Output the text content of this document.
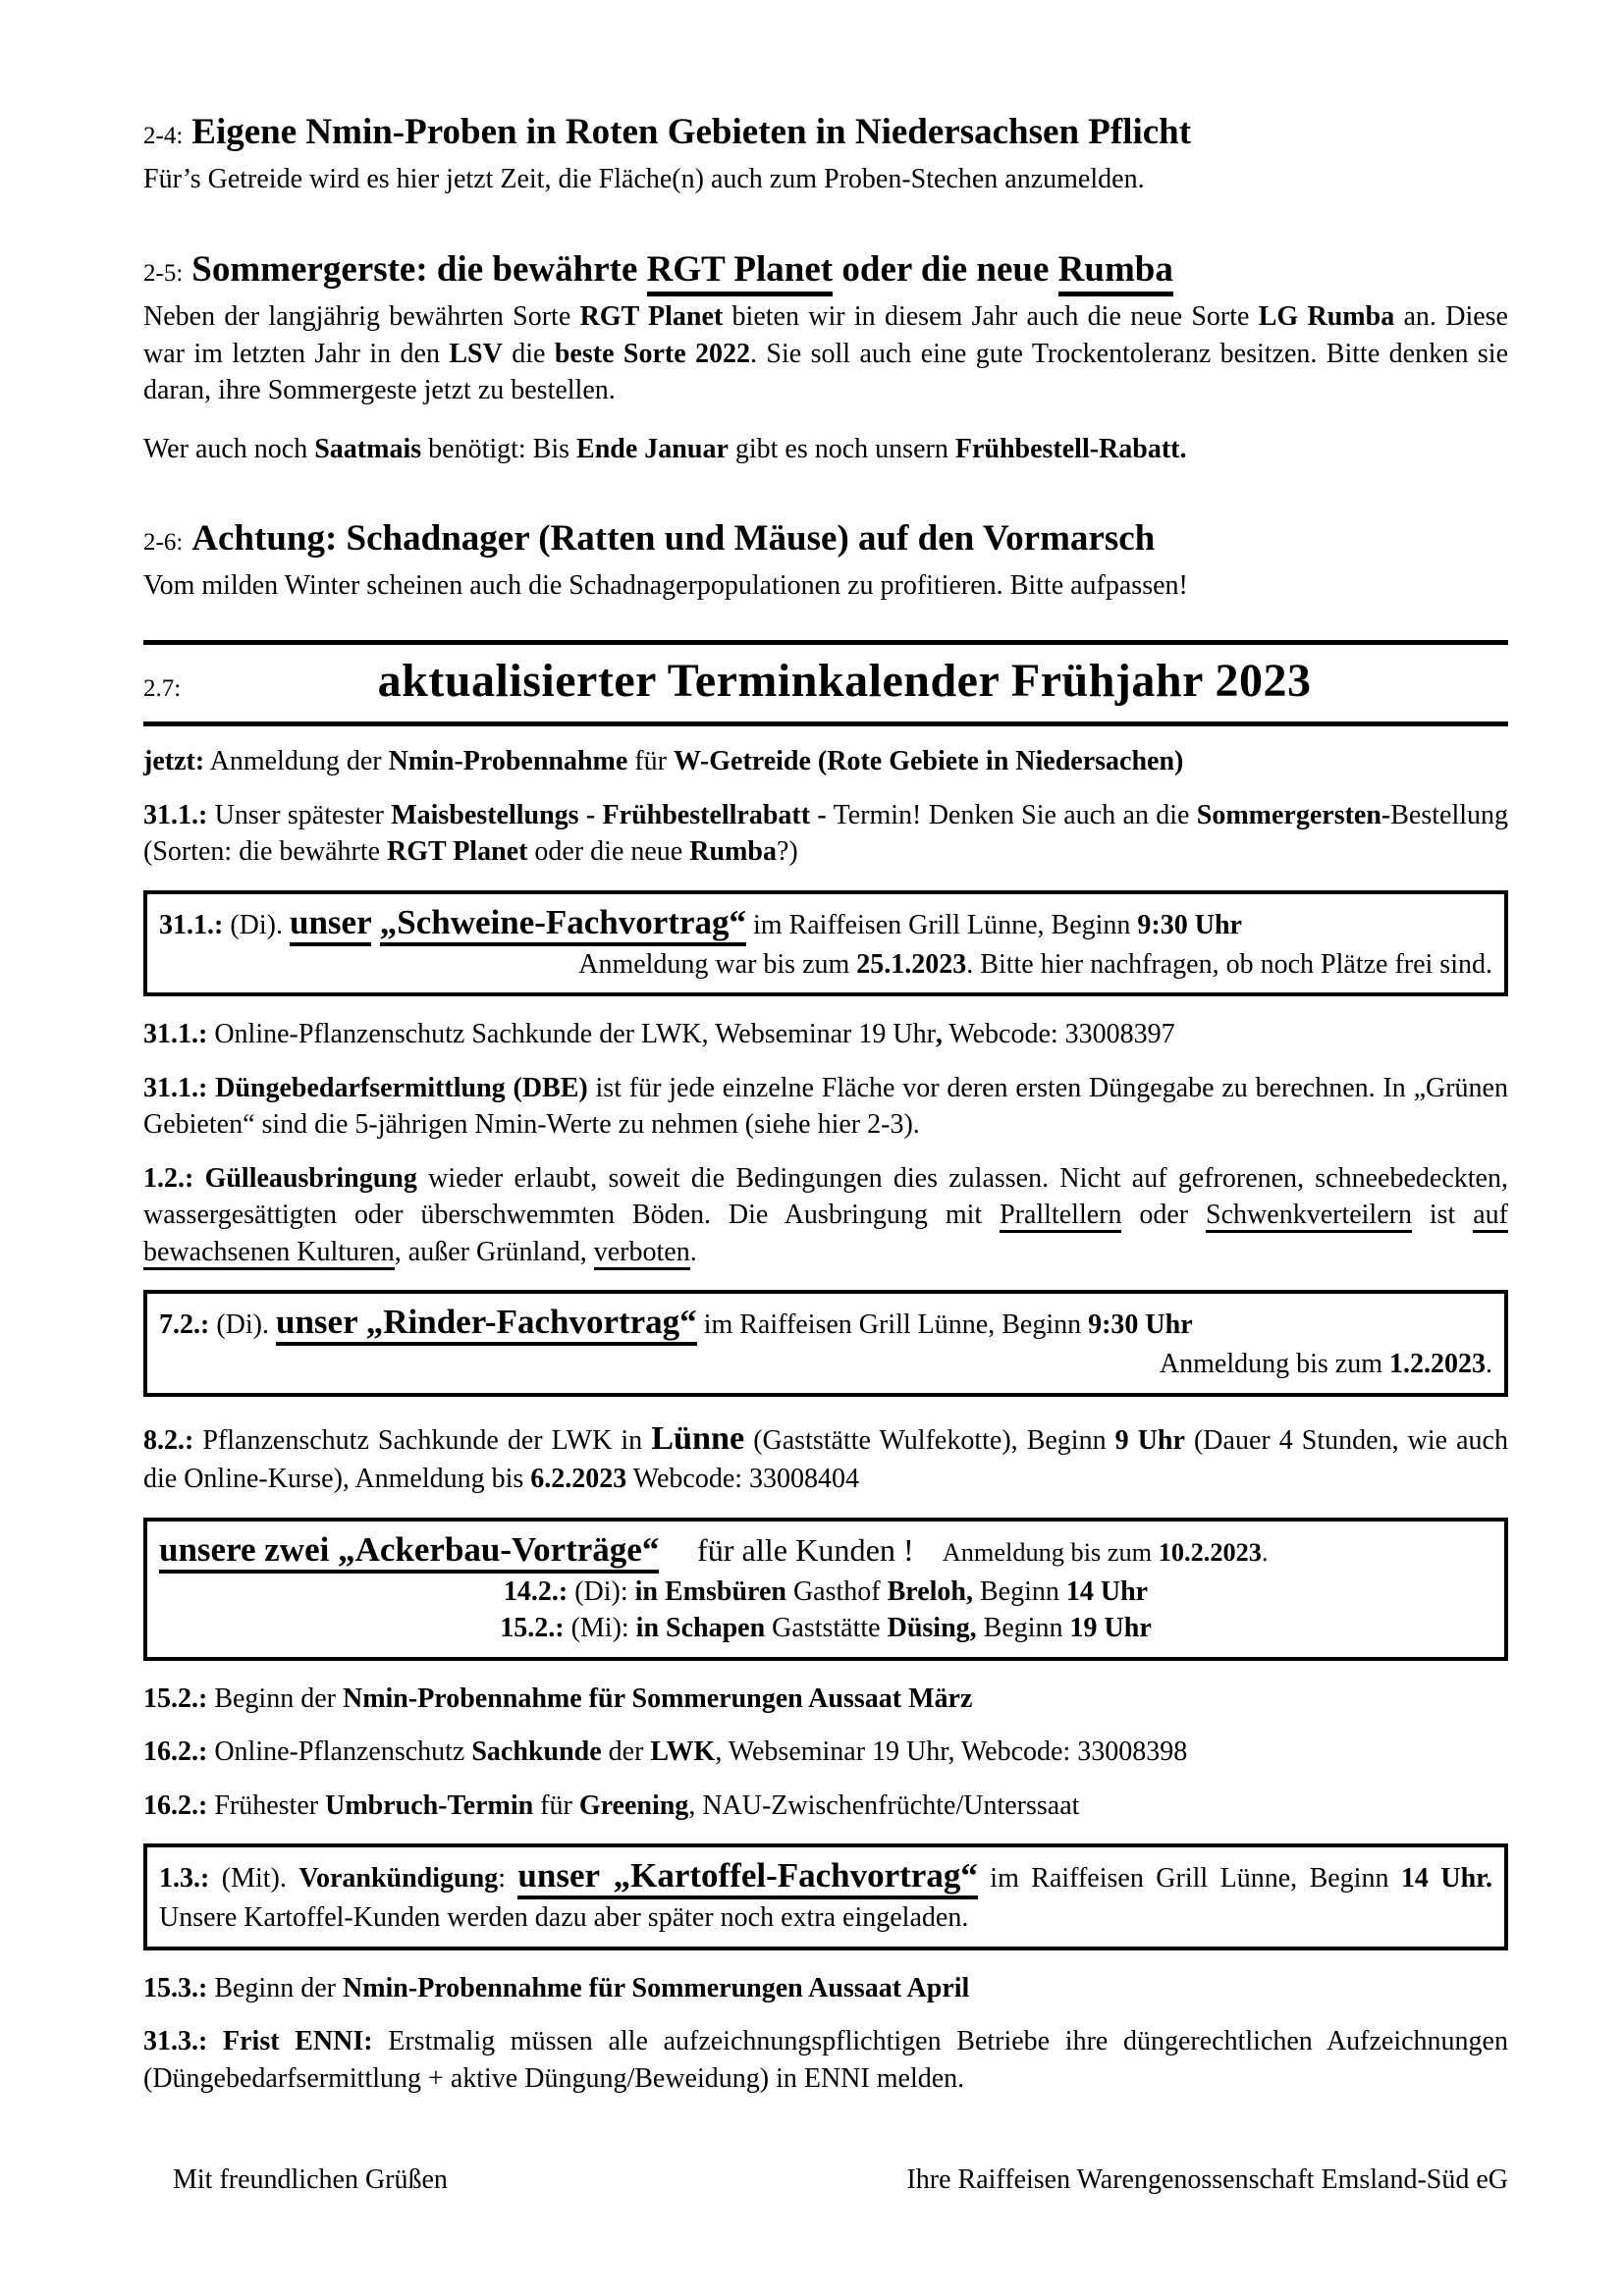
2-4: Eigene Nmin-Proben in Roten Gebieten in Niedersachsen Pflicht

Für’s Getreide wird es hier jetzt Zeit, die Fläche(n) auch zum Proben-Stechen anzumelden.

2-5: Sommergerste: die bewährte RGT Planet oder die neue Rumba

Neben der langjährig bewährten Sorte RGT Planet bieten wir in diesem Jahr auch die neue Sorte LG Rumba an. Diese war im letzten Jahr in den LSV die beste Sorte 2022. Sie soll auch eine gute Trockentoleranz besitzen. Bitte denken sie daran, ihre Sommergeste jetzt zu bestellen.

Wer auch noch Saatmais benötigt: Bis Ende Januar gibt es noch unsern Frühbestell-Rabatt.

2-6: Achtung: Schadnager (Ratten und Mäuse) auf den Vormarsch

Vom milden Winter scheinen auch die Schadnagerpopulationen zu profitieren. Bitte aufpassen!

2.7:	aktualisierter Terminkalender Frühjahr 2023

jetzt: Anmeldung der Nmin-Probennahme für W-Getreide (Rote Gebiete in Niedersachen)

31.1.: Unser spätester Maisbestellungs - Frühbestellrabatt - Termin! Denken Sie auch an die Sommergersten-Bestellung (Sorten: die bewährte RGT Planet oder die neue Rumba?)

31.1.: (Di). unser „Schweine-Fachvortrag“ im Raiffeisen Grill Lünne, Beginn 9:30 Uhr

Anmeldung war bis zum 25.1.2023. Bitte hier nachfragen, ob noch Plätze frei sind.

31.1.: Online-Pflanzenschutz Sachkunde der LWK, Webseminar 19 Uhr, Webcode: 33008397

31.1.: Düngebedarfsermittlung (DBE) ist für jede einzelne Fläche vor deren ersten Düngegabe zu berechnen. In „Grünen Gebieten“ sind die 5-jährigen Nmin-Werte zu nehmen (siehe hier 2-3).

1.2.: Gülleausbringung wieder erlaubt, soweit die Bedingungen dies zulassen. Nicht auf gefrorenen, schneebedeckten, wassergesättigten oder überschwemmten Böden. Die Ausbringung mit Pralltellern oder Schwenkverteilern ist auf bewachsenen Kulturen, außer Grünland, verboten.

7.2.: (Di). unser „Rinder-Fachvortrag“ im Raiffeisen Grill Lünne, Beginn 9:30 Uhr

Anmeldung bis zum 1.2.2023.

8.2.: Pflanzenschutz Sachkunde der LWK in Lünne (Gaststätte Wulfekotte), Beginn 9 Uhr (Dauer 4 Stunden, wie auch die Online-Kurse), Anmeldung bis 6.2.2023 Webcode: 33008404

unsere zwei „Ackerbau-Vorträge“ für alle Kunden ! Anmeldung bis zum 10.2.2023.

14.2.: (Di): in Emsbüren Gasthof Breloh, Beginn 14 Uhr

15.2.: (Mi): in Schapen Gaststätte Düsing, Beginn 19 Uhr

15.2.: Beginn der Nmin-Probennahme für Sommerungen Aussaat März

16.2.: Online-Pflanzenschutz Sachkunde der LWK, Webseminar 19 Uhr, Webcode: 33008398

16.2.: Frühester Umbruch-Termin für Greening, NAU-Zwischenfrüchte/Unterssaat

1.3.: (Mit). Vorankündigung: unser „Kartoffel-Fachvortrag“ im Raiffeisen Grill Lünne, Beginn 14 Uhr. Unsere Kartoffel-Kunden werden dazu aber später noch extra eingeladen.

15.3.: Beginn der Nmin-Probennahme für Sommerungen Aussaat April

31.3.: Frist ENNI: Erstmalig müssen alle aufzeichnungspflichtigen Betriebe ihre düngerechtlichen Aufzeichnungen (Düngebedarfsermittlung + aktive Düngung/Beweidung) in ENNI melden.

Mit freundlichen Grüßen	Ihre Raiffeisen Warengenossenschaft Emsland-Süd eG
